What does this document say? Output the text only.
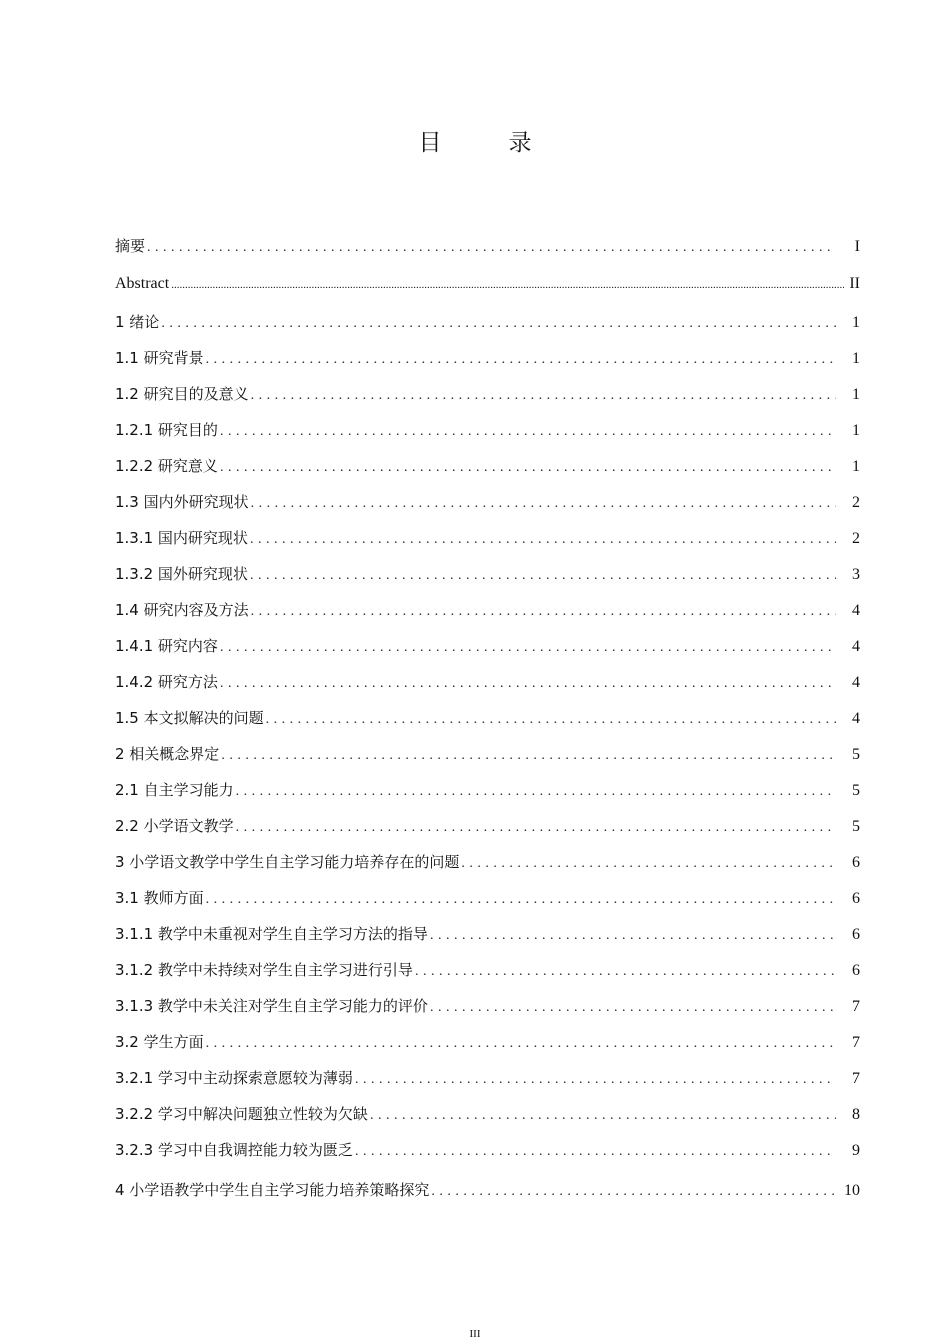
目　录
摘要 .....	I
Abstract .....	II
1 绪论 .....	1
1.1 研究背景 .....	1
1.2 研究目的及意义 .....	1
1.2.1 研究目的 .....	1
1.2.2 研究意义 .....	1
1.3 国内外研究现状 .....	2
1.3.1 国内研究现状 .....	2
1.3.2 国外研究现状 .....	3
1.4 研究内容及方法 .....	4
1.4.1 研究内容 .....	4
1.4.2 研究方法 .....	4
1.5 本文拟解决的问题 .....	4
2 相关概念界定 .....	5
2.1 自主学习能力 .....	5
2.2 小学语文教学 .....	5
3 小学语文教学中学生自主学习能力培养存在的问题 .....	6
3.1 教师方面 .....	6
3.1.1 教学中未重视对学生自主学习方法的指导 .....	6
3.1.2 教学中未持续对学生自主学习进行引导 .....	6
3.1.3 教学中未关注对学生自主学习能力的评价 .....	7
3.2 学生方面 .....	7
3.2.1 学习中主动探索意愿较为薄弱 .....	7
3.2.2 学习中解决问题独立性较为欠缺 .....	8
3.2.3 学习中自我调控能力较为匮乏 .....	9
4 小学语教学中学生自主学习能力培养策略探究 .....	10
III
